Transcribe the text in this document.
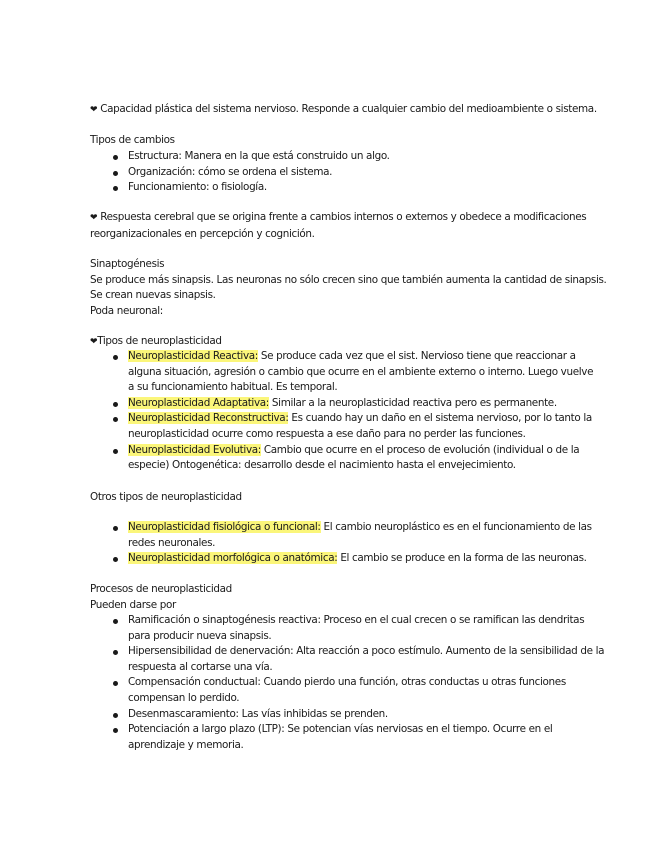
❤ Capacidad plástica del sistema nervioso. Responde a cualquier cambio del medioambiente o sistema.

Tipos de cambios

Estructura: Manera en la que está construido un algo.
Organización: cómo se ordena el sistema.
Funcionamiento: o fisiología.

❤ Respuesta cerebral que se origina frente a cambios internos o externos y obedece a modificaciones
reorganizacionales en percepción y cognición.

Sinaptogénesis
Se produce más sinapsis. Las neuronas no sólo crecen sino que también aumenta la cantidad de sinapsis.
Se crean nuevas sinapsis.
Poda neuronal:

❤Tipos de neuroplasticidad

Neuroplasticidad Reactiva: Se produce cada vez que el sist. Nervioso tiene que reaccionar a
alguna situación, agresión o cambio que ocurre en el ambiente externo o interno. Luego vuelve
a su funcionamiento habitual. Es temporal.
Neuroplasticidad Adaptativa: Similar a la neuroplasticidad reactiva pero es permanente.
Neuroplasticidad Reconstructiva: Es cuando hay un daño en el sistema nervioso, por lo tanto la
neuroplasticidad ocurre como respuesta a ese daño para no perder las funciones.
Neuroplasticidad Evolutiva: Cambio que ocurre en el proceso de evolución (individual o de la
especie) Ontogenética: desarrollo desde el nacimiento hasta el envejecimiento.

Otros tipos de neuroplasticidad

Neuroplasticidad fisiológica o funcional: El cambio neuroplástico es en el funcionamiento de las
redes neuronales.
Neuroplasticidad morfológica o anatómica: El cambio se produce en la forma de las neuronas.

Procesos de neuroplasticidad
Pueden darse por

Ramificación o sinaptogénesis reactiva: Proceso en el cual crecen o se ramifican las dendritas
para producir nueva sinapsis.
Hipersensibilidad de denervación: Alta reacción a poco estímulo. Aumento de la sensibilidad de la
respuesta al cortarse una vía.
Compensación conductual: Cuando pierdo una función, otras conductas u otras funciones
compensan lo perdido.
Desenmascaramiento: Las vías inhibidas se prenden.
Potenciación a largo plazo (LTP): Se potencian vías nerviosas en el tiempo. Ocurre en el
aprendizaje y memoria.
